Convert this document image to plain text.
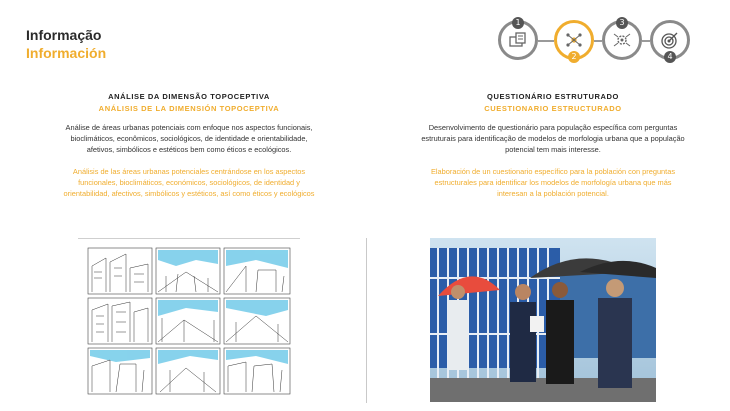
Informação
Información
1
2
3
4
ANÁLISE DA DIMENSÃO TOPOCEPTIVA
ANÁLISIS DE LA DIMENSIÓN TOPOCEPTIVA
Análise de áreas urbanas potenciais com enfoque nos aspectos funcionais, bioclimáticos, econômicos, sociológicos, de identidade e orientabilidade, afetivos, simbólicos e estéticos bem como éticos e ecológicos.
Análisis de las áreas urbanas potenciales centrándose en los aspectos funcionales, bioclimáticos, económicos, sociológicos, de identidad y orientabilidad, afectivos, simbólicos y estéticos, así como éticos y ecológicos
QUESTIONÁRIO ESTRUTURADO
CUESTIONARIO ESTRUCTURADO
Desenvolvimento de questionário para população específica com perguntas estruturais para identificação de modelos de morfologia urbana que a população potencial tem mais interesse.
Elaboración de un cuestionario específico para la población con preguntas estructurales para identificar los modelos de morfología urbana que más interesan a la población potencial.
